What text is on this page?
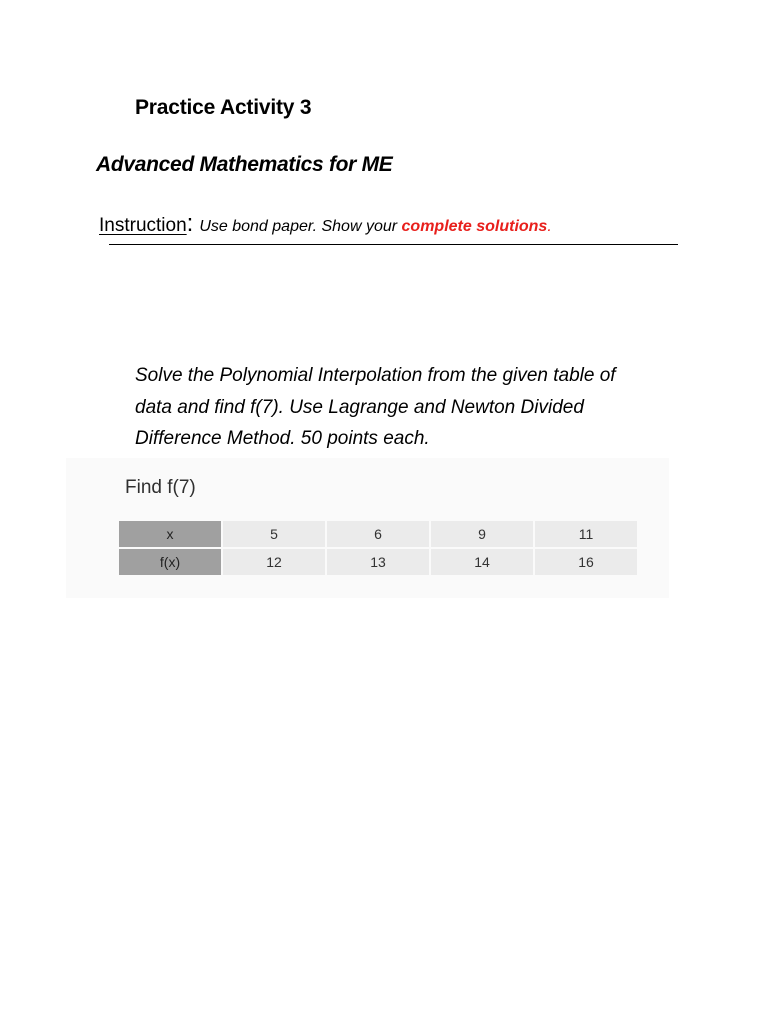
Practice Activity 3
Advanced Mathematics for ME
Instruction: Use bond paper. Show your complete solutions.

Solve the Polynomial Interpolation from the given table of
data and find f(7). Use Lagrange and Newton Divided
Difference Method. 50 points each.

Find f(7)
x	5	6	9	11
f(x)	12	13	14	16
